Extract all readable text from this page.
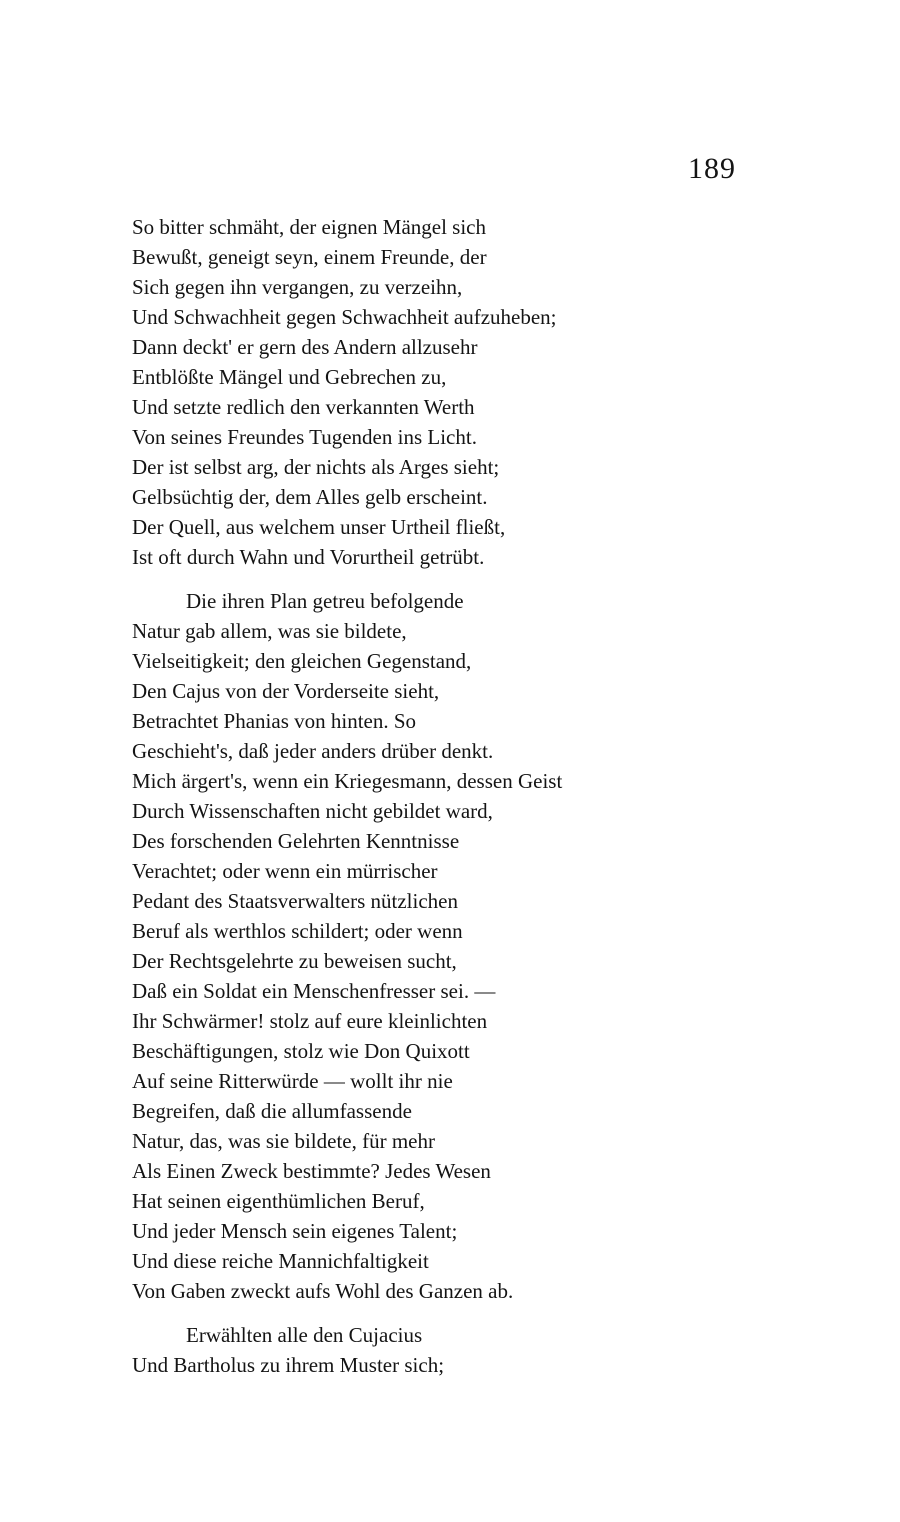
189
So bitter schmäht, der eignen Mängel sich
Bewußt, geneigt seyn, einem Freunde, der
Sich gegen ihn vergangen, zu verzeihn,
Und Schwachheit gegen Schwachheit aufzuheben;
Dann deckt' er gern des Andern allzusehr
Entblößte Mängel und Gebrechen zu,
Und setzte redlich den verkannten Werth
Von seines Freundes Tugenden ins Licht.
Der ist selbst arg, der nichts als Arges sieht;
Gelbsüchtig der, dem Alles gelb erscheint.
Der Quell, aus welchem unser Urtheil fließt,
Ist oft durch Wahn und Vorurtheil getrübt.
Die ihren Plan getreu befolgende
Natur gab allem, was sie bildete,
Vielseitigkeit; den gleichen Gegenstand,
Den Cajus von der Vorderseite sieht,
Betrachtet Phanias von hinten. So
Geschieht's, daß jeder anders drüber denkt.
Mich ärgert's, wenn ein Kriegesmann, dessen Geist
Durch Wissenschaften nicht gebildet ward,
Des forschenden Gelehrten Kenntnisse
Verachtet; oder wenn ein mürrischer
Pedant des Staatsverwalters nützlichen
Beruf als werthlos schildert; oder wenn
Der Rechtsgelehrte zu beweisen sucht,
Daß ein Soldat ein Menschenfresser sei. —
Ihr Schwärmer! stolz auf eure kleinlichten
Beschäftigungen, stolz wie Don Quixott
Auf seine Ritterwürde — wollt ihr nie
Begreifen, daß die allumfassende
Natur, das, was sie bildete, für mehr
Als Einen Zweck bestimmte? Jedes Wesen
Hat seinen eigenthümlichen Beruf,
Und jeder Mensch sein eigenes Talent;
Und diese reiche Mannichfaltigkeit
Von Gaben zweckt aufs Wohl des Ganzen ab.
Erwählten alle den Cujacius
Und Bartholus zu ihrem Muster sich;
